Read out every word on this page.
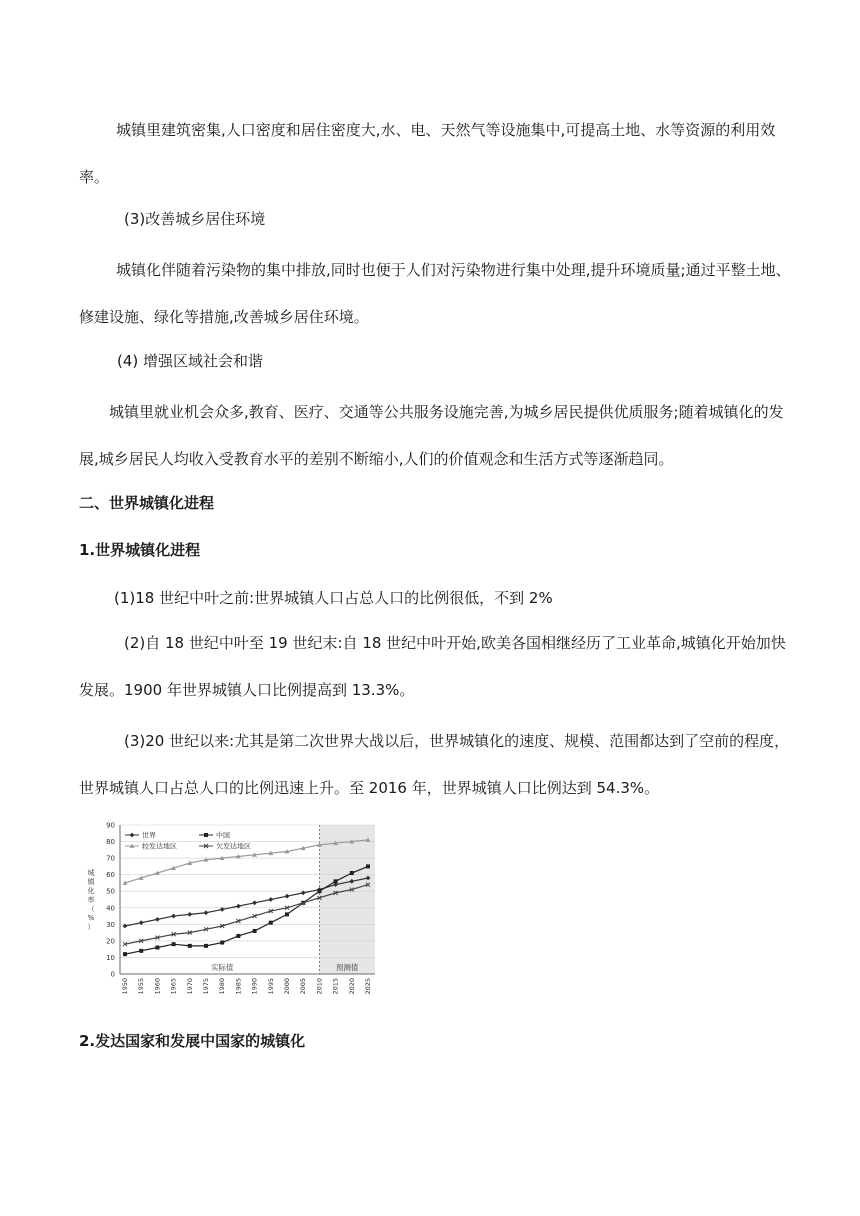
城镇里建筑密集,人口密度和居住密度大,水、电、天然气等设施集中,可提高土地、水等资源的利用效率。

(3)改善城乡居住环境

城镇化伴随着污染物的集中排放,同时也便于人们对污染物进行集中处理,提升环境质量;通过平整土地、修建设施、绿化等措施,改善城乡居住环境。

(4) 增强区域社会和谐

城镇里就业机会众多,教育、医疗、交通等公共服务设施完善,为城乡居民提供优质服务;随着城镇化的发展,城乡居民人均收入受教育水平的差别不断缩小,人们的价值观念和生活方式等逐渐趋同。

二、世界城镇化进程
1.世界城镇化进程
(1)18 世纪中叶之前:世界城镇人口占总人口的比例很低，不到 2%

(2)自 18 世纪中叶至 19 世纪末:自 18 世纪中叶开始,欧美各国相继经历了工业革命,城镇化开始加快发展。1900 年世界城镇人口比例提高到 13.3%。

(3)20 世纪以来:尤其是第二次世界大战以后，世界城镇化的速度、规模、范围都达到了空前的程度，世界城镇人口占总人口的比例迅速上升。至 2016 年，世界城镇人口比例达到 54.3%。

0
10
20
30
40
50
60
70
80
90
1950 1955 1960 1965 1970 1975 1980 1985 1990 1995 2000 2005 2010 2015 2020 2025
城
镇
化
率
（
%
）
实际值	预测值
世界	中国
较发达地区	欠发达地区
2.发达国家和发展中国家的城镇化
